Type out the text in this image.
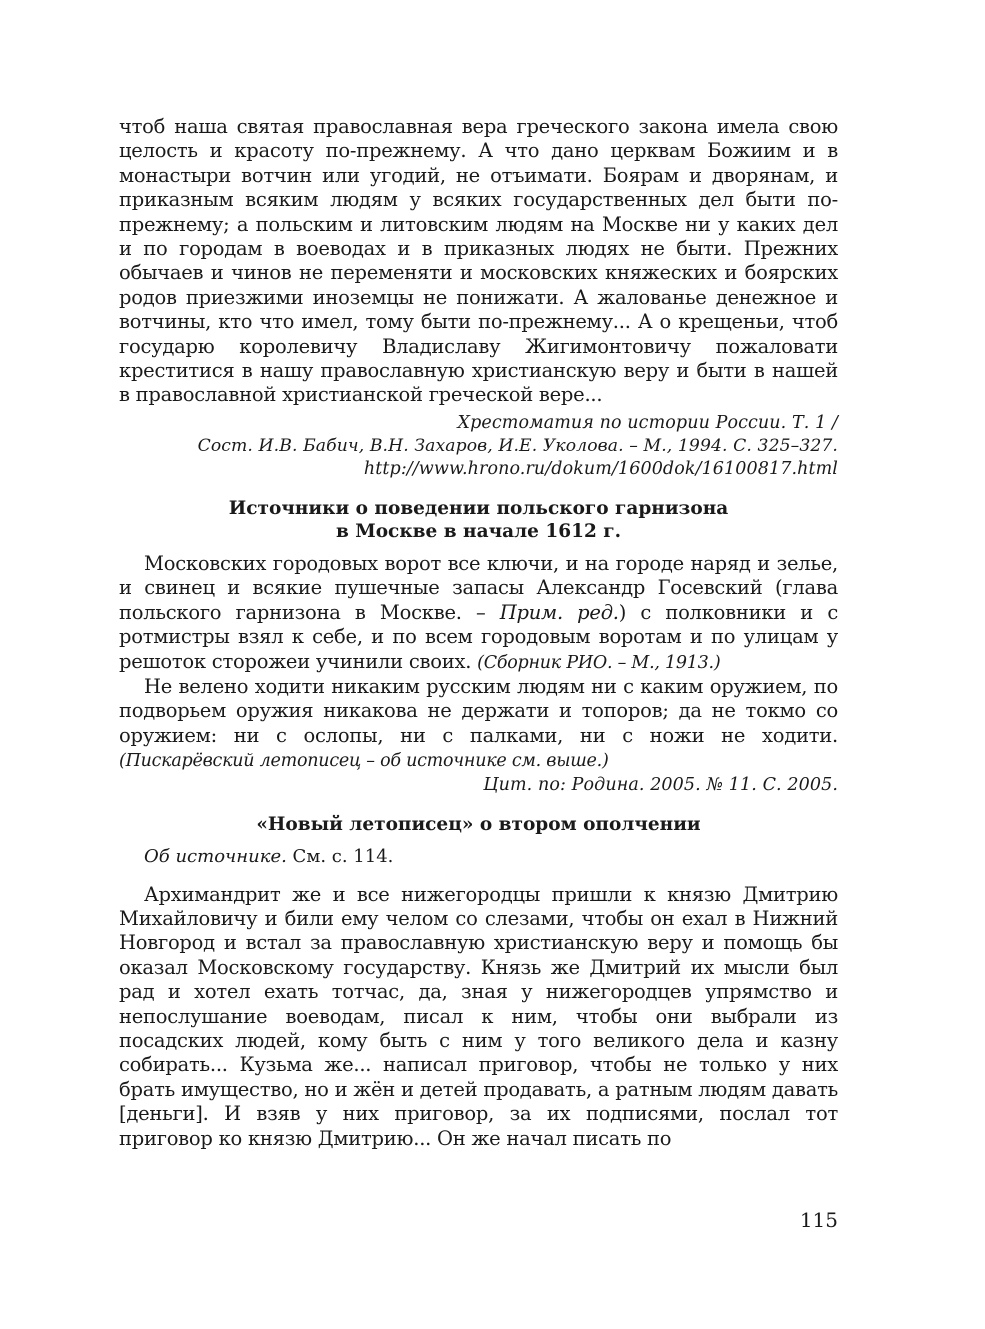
чтоб наша святая православная вера греческого закона имела свою целость и красоту по-прежнему. А что дано церквам Божиим и в монастыри вотчин или угодий, не отъимати. Боярам и дворянам, и приказным всяким людям у всяких государственных дел быти по-прежнему; а польским и литовским людям на Москве ни у каких дел и по городам в воеводах и в приказных людях не быти. Прежних обычаев и чинов не переменяти и московских княжеских и боярских родов приезжими иноземцы не понижати. А жалованье денежное и вотчины, кто что имел, тому быти по-прежнему... А о крещеньи, чтоб государю королевичу Владиславу Жигимонтовичу пожаловати креститися в нашу православную христианскую веру и быти в нашей в православной христианской греческой вере...

Хрестоматия по истории России. Т. 1 /

Сост. И.В. Бабич, В.Н. Захаров, И.Е. Уколова. – М., 1994. С. 325–327.

http://www.hrono.ru/dokum/1600dok/16100817.html

Источники о поведении польского гарнизона

в Москве в начале 1612 г.

Московских городовых ворот все ключи, и на городе наряд и зелье, и свинец и всякие пушечные запасы Александр Госевский (глава польского гарнизона в Москве. – Прим. ред.) с полковники и с ротмистры взял к себе, и по всем городовым воротам и по улицам у решоток сторожеи учинили своих. (Сборник РИО. – М., 1913.)

Не велено ходити никаким русским людям ни с каким оружием, по подворьем оружия никакова не держати и топоров; да не токмо со оружием: ни с ослопы, ни с палками, ни с ножи не ходити. (Пискарёвский летописец – об источнике см. выше.)

Цит. по: Родина. 2005. № 11. С. 2005.

«Новый летописец» о втором ополчении

Об источнике. См. с. 114.

Архимандрит же и все нижегородцы пришли к князю Дмитрию Михайловичу и били ему челом со слезами, чтобы он ехал в Нижний Новгород и встал за православную христианскую веру и помощь бы оказал Московскому государству. Князь же Дмитрий их мысли был рад и хотел ехать тотчас, да, зная у нижегородцев упрямство и непослушание воеводам, писал к ним, чтобы они выбрали из посадских людей, кому быть с ним у того великого дела и казну собирать... Кузьма же... написал приговор, чтобы не только у них брать имущество, но и жён и детей продавать, а ратным людям давать [деньги]. И взяв у них приговор, за их подписями, послал тот приговор ко князю Дмитрию... Он же начал писать по

115
